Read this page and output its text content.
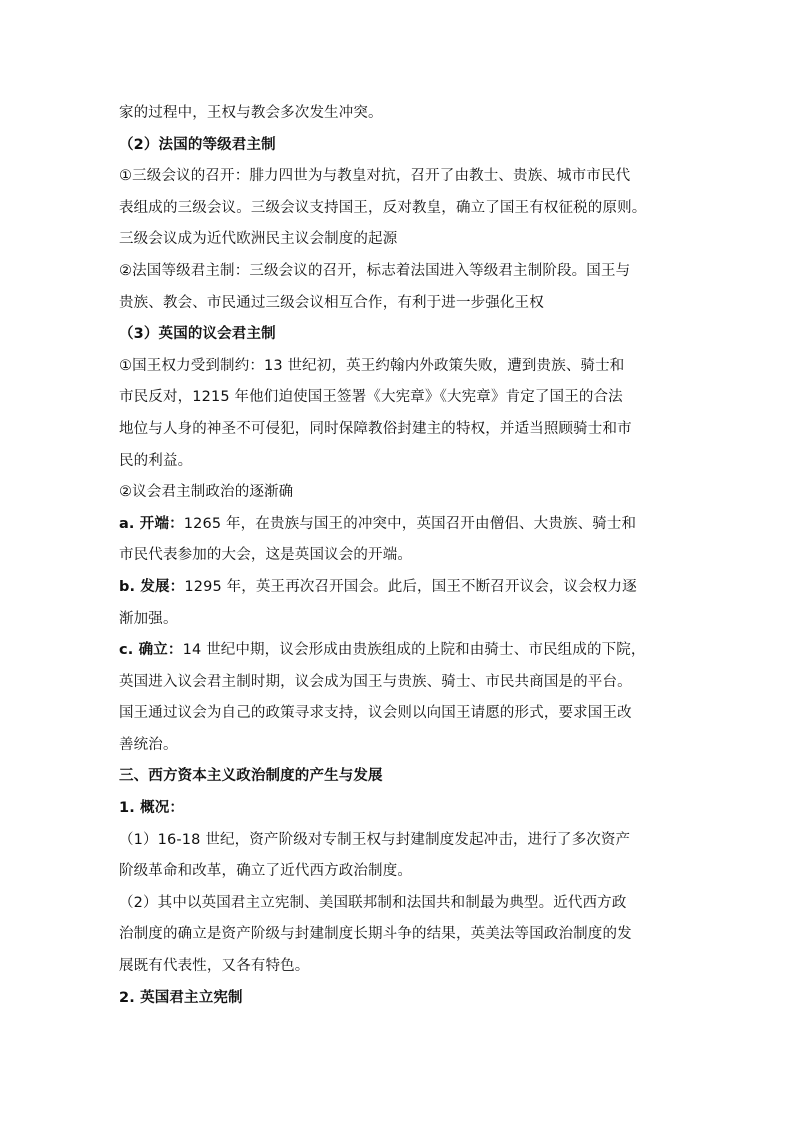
家的过程中，王权与教会多次发生冲突。
（2）法国的等级君主制
①三级会议的召开：腓力四世为与教皇对抗，召开了由教士、贵族、城市市民代
表组成的三级会议。三级会议支持国王，反对教皇，确立了国王有权征税的原则。
三级会议成为近代欧洲民主议会制度的起源
②法国等级君主制：三级会议的召开，标志着法国进入等级君主制阶段。国王与
贵族、教会、市民通过三级会议相互合作，有利于进一步强化王权
（3）英国的议会君主制
①国王权力受到制约：13 世纪初，英王约翰内外政策失败，遭到贵族、骑士和
市民反对，1215 年他们迫使国王签署《大宪章》《大宪章》肯定了国王的合法
地位与人身的神圣不可侵犯，同时保障教俗封建主的特权，并适当照顾骑士和市
民的利益。
②议会君主制政治的逐渐确
a. 开端：1265 年，在贵族与国王的冲突中，英国召开由僧侣、大贵族、骑士和
市民代表参加的大会，这是英国议会的开端。
b. 发展：1295 年，英王再次召开国会。此后，国王不断召开议会，议会权力逐
渐加强。
c. 确立：14 世纪中期，议会形成由贵族组成的上院和由骑士、市民组成的下院，
英国进入议会君主制时期，议会成为国王与贵族、骑士、市民共商国是的平台。
国王通过议会为自己的政策寻求支持，议会则以向国王请愿的形式，要求国王改
善统治。
三、西方资本主义政治制度的产生与发展
1. 概况：
（1）16-18 世纪，资产阶级对专制王权与封建制度发起冲击，进行了多次资产
阶级革命和改革，确立了近代西方政治制度。
（2）其中以英国君主立宪制、美国联邦制和法国共和制最为典型。近代西方政
治制度的确立是资产阶级与封建制度长期斗争的结果，英美法等国政治制度的发
展既有代表性，又各有特色。
2. 英国君主立宪制
